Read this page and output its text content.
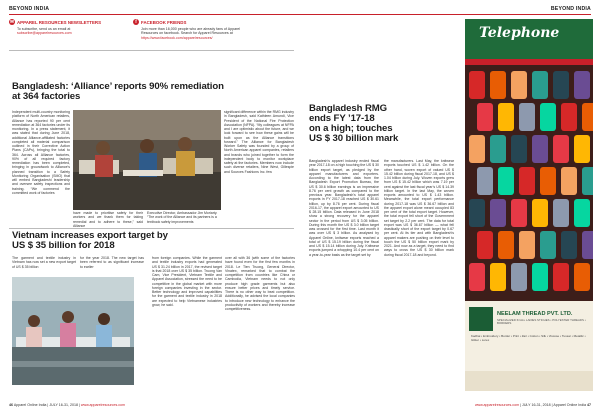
BEYOND INDIA	BEYOND INDIA
✉ APPAREL RESOURCES NEWSLETTERS
To subscribe, send us an email at
subscribe@apparelresources.com
f FACEBOOK FRIENDS
Join more than 16,000 people who are already fans of Apparel
Resources on facebook. Search for Apparel Resources at
https://www.facebook.com/apparelresources/
Bangladesh: ‘Alliance’ reports 90% remediation
at 364 factories
Independent multi-country monitoring platform of North American retailers, Alliance has reported 90 per cent remediation at 364 factories under its monitoring. In a press statement, it was stated that during June 2018, additional Alliance-affiliated factories completed all material comparison outlined in their Corrective Action Plans (CAPs), bringing the total to 364. Across all Alliance factories, 90% of all required factory remediation has been completed, bringing in groundwork to Alliance’s planned transition to a Safety Monitoring Organisation (SMO) that will embed Bangladeshi leadership and oversee safety inspections and training. “We commend the committed work of factories
have made to prioritise safety for their workers and we thank them for taking remedial and to adhere to these,” said Alliance
Executive Director, Ambassador Jim Moriarty. “The work of the Alliance and its partners is a textbook safety improvements
significant difference within the RMG industry in Bangladesh, said Kathleen Amundi, Vice President of the National Fire Protection Association (NFPA). “My colleagues at NFPA and I are optimistic about the future, and we look forward to see how these gains will be built upon as the Alliance transitions forward.” The Alliance for Bangladesh Worker Safety was founded by a group of North American apparel companies, retailers and brands who joined together to form the independent body to monitor workplace safety at the factories. Members now include such diverse retailers, Nine West, Gillespie and Sources Fashions Inc. few
Vietnam increases export target by
US $ 35 billion for 2018
The garment and textile industry in Vietnam has now set a new export target of US $ 35 billion
for the year 2018. The new target has been referred to as significant increase to earlier
from foreign companies. While the garment and textile industry exports had generated US $ 31.24 billion in 2017, the revised target is that 2018 over US $ 35 billion. Truong Van Cam, Vice President, Vietnam Textile and Apparel Association, stressed the need to be competitive in the global market with more foreign companies investing in the sector. Better technology and improved capabilities for the garment and textile industry in 2018 are expected to help Vietnamese industries grow, he said.
over all with 36 (with some of the factories have found even for the first few months in 2018. Le Tien Truong, General Director, Vinatex, remarked that to combat the competition from countries like China or Cambodia, Vietnam needs to not only produce high grade garments but also ensure better prices and timely service. There is no other way to beat competition. Additionally, he advised the local companies to introduce new technology to enhance the productivity of workers and thereby increase competitiveness.
Bangladesh RMG
ends FY ’17-18
on a high; touches
US $ 30 billion mark
Bangladesh’s apparel industry ended fiscal year 2017-18 on a high touching the US $ 30 billion export target, as pledged by the apparel manufacturers and exporters. According to the latest data from the Bangladesh Export Promotion Bureau, the US $ 30.6 billion earnings is an impressive 8.76 per cent growth as compared to the previous year. Bangladesh’s total apparel exports in FY 2017-18 reached US $ 30.61 billion, up by 8.76 per cent. During fiscal 2016-17, the apparel export amounted to US $ 28.15 billion. Data released in June 2018 show a strong recovery for the apparel sector in the period from US $ 3.05 billion. During this month the US $ 3.0 billion target was crossed for the first time. Last month it was over US $ 3 billion. As analysed by Apparel Online, knitwear exports reached a total of US $ 15.19 billion during the fiscal and US $ 15.14 billion during July. Knitwear exports jumped a whopping 10.4 per cent on a year-to-year basis as the target set by
the manufacturers. Last May, the knitwear exports touched US $ 1.42 billion. On the other hand, woven export of valued US $ 15.42 billion during fiscal 2017-18, and US $ 1.04 billion during July. Woven exports grew from US $ 15.42 billion which was 7.19 per cent against the last fiscal year’s US $ 14.39 billion target. In the last May, the woven exports amounted to US $ 1.43 billion. Meanwhile, the total export performance during 2017-18 was US $ 36.67 billion and the apparel export alone meant occupied 83 per cent of the total export target. However, the total export fell short of the Government set target by 2.2 per cent. The data for total export was US $ 36.67 billion — what fell drastically short of the export target by 0.67 per cent. At its tier and with Bangladesh’s apparel makers are pushing on their level to touch the US $ 50 billion export mark by 2021. And now as a target, they need to find ways to cross the US $ 30 billion mark during fiscal 2017-18 and beyond.
Telephone
NEELAM THREAD PVT. LTD.
SPECIALIZED IN ALL LADIES STICHES • POLYESTER THREADS • BORDERS
Kadhai • Embroidery • Border • Print • Zari • Cotton • Silk • Viscose • Tussar • Metallic • Glitter • Lurex
46 Apparel Online India | JULY 16-31, 2018 | www.apparelresources.com	www.apparelresources.com | JULY 16-31, 2018 | Apparel Online India 47
